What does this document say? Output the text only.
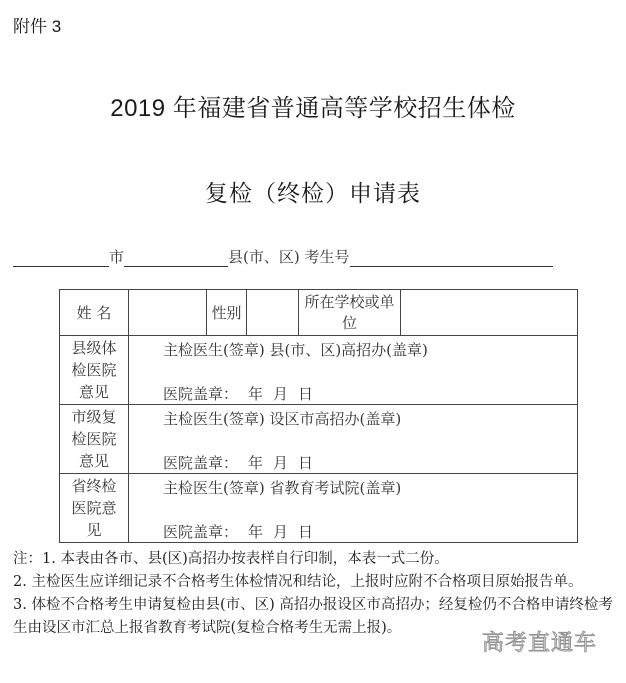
附件 3
2019 年福建省普通高等学校招生体检
复检（终检）申请表
市	县(市、区) 考生号
姓 名		性别		所在学校或单位	

县级体
检医院
意见

主检医生(签章) 县(市、区)高招办(盖章)
医院盖章： 年 月 日

市级复
检医院
意见

主检医生(签章) 设区市高招办(盖章)
医院盖章： 年 月 日

省终检
医院意
见

主检医生(签章) 省教育考试院(盖章)
医院盖章： 年 月 日

注：1. 本表由各市、县(区)高招办按表样自行印制，本表一式二份。

2. 主检医生应详细记录不合格考生体检情况和结论，上报时应附不合格项目原始报告单。

3. 体检不合格考生申请复检由县(市、区) 高招办报设区市高招办；经复检仍不合格申请终检考生由设区市汇总上报省教育考试院(复检合格考生无需上报)。

高考直通车
